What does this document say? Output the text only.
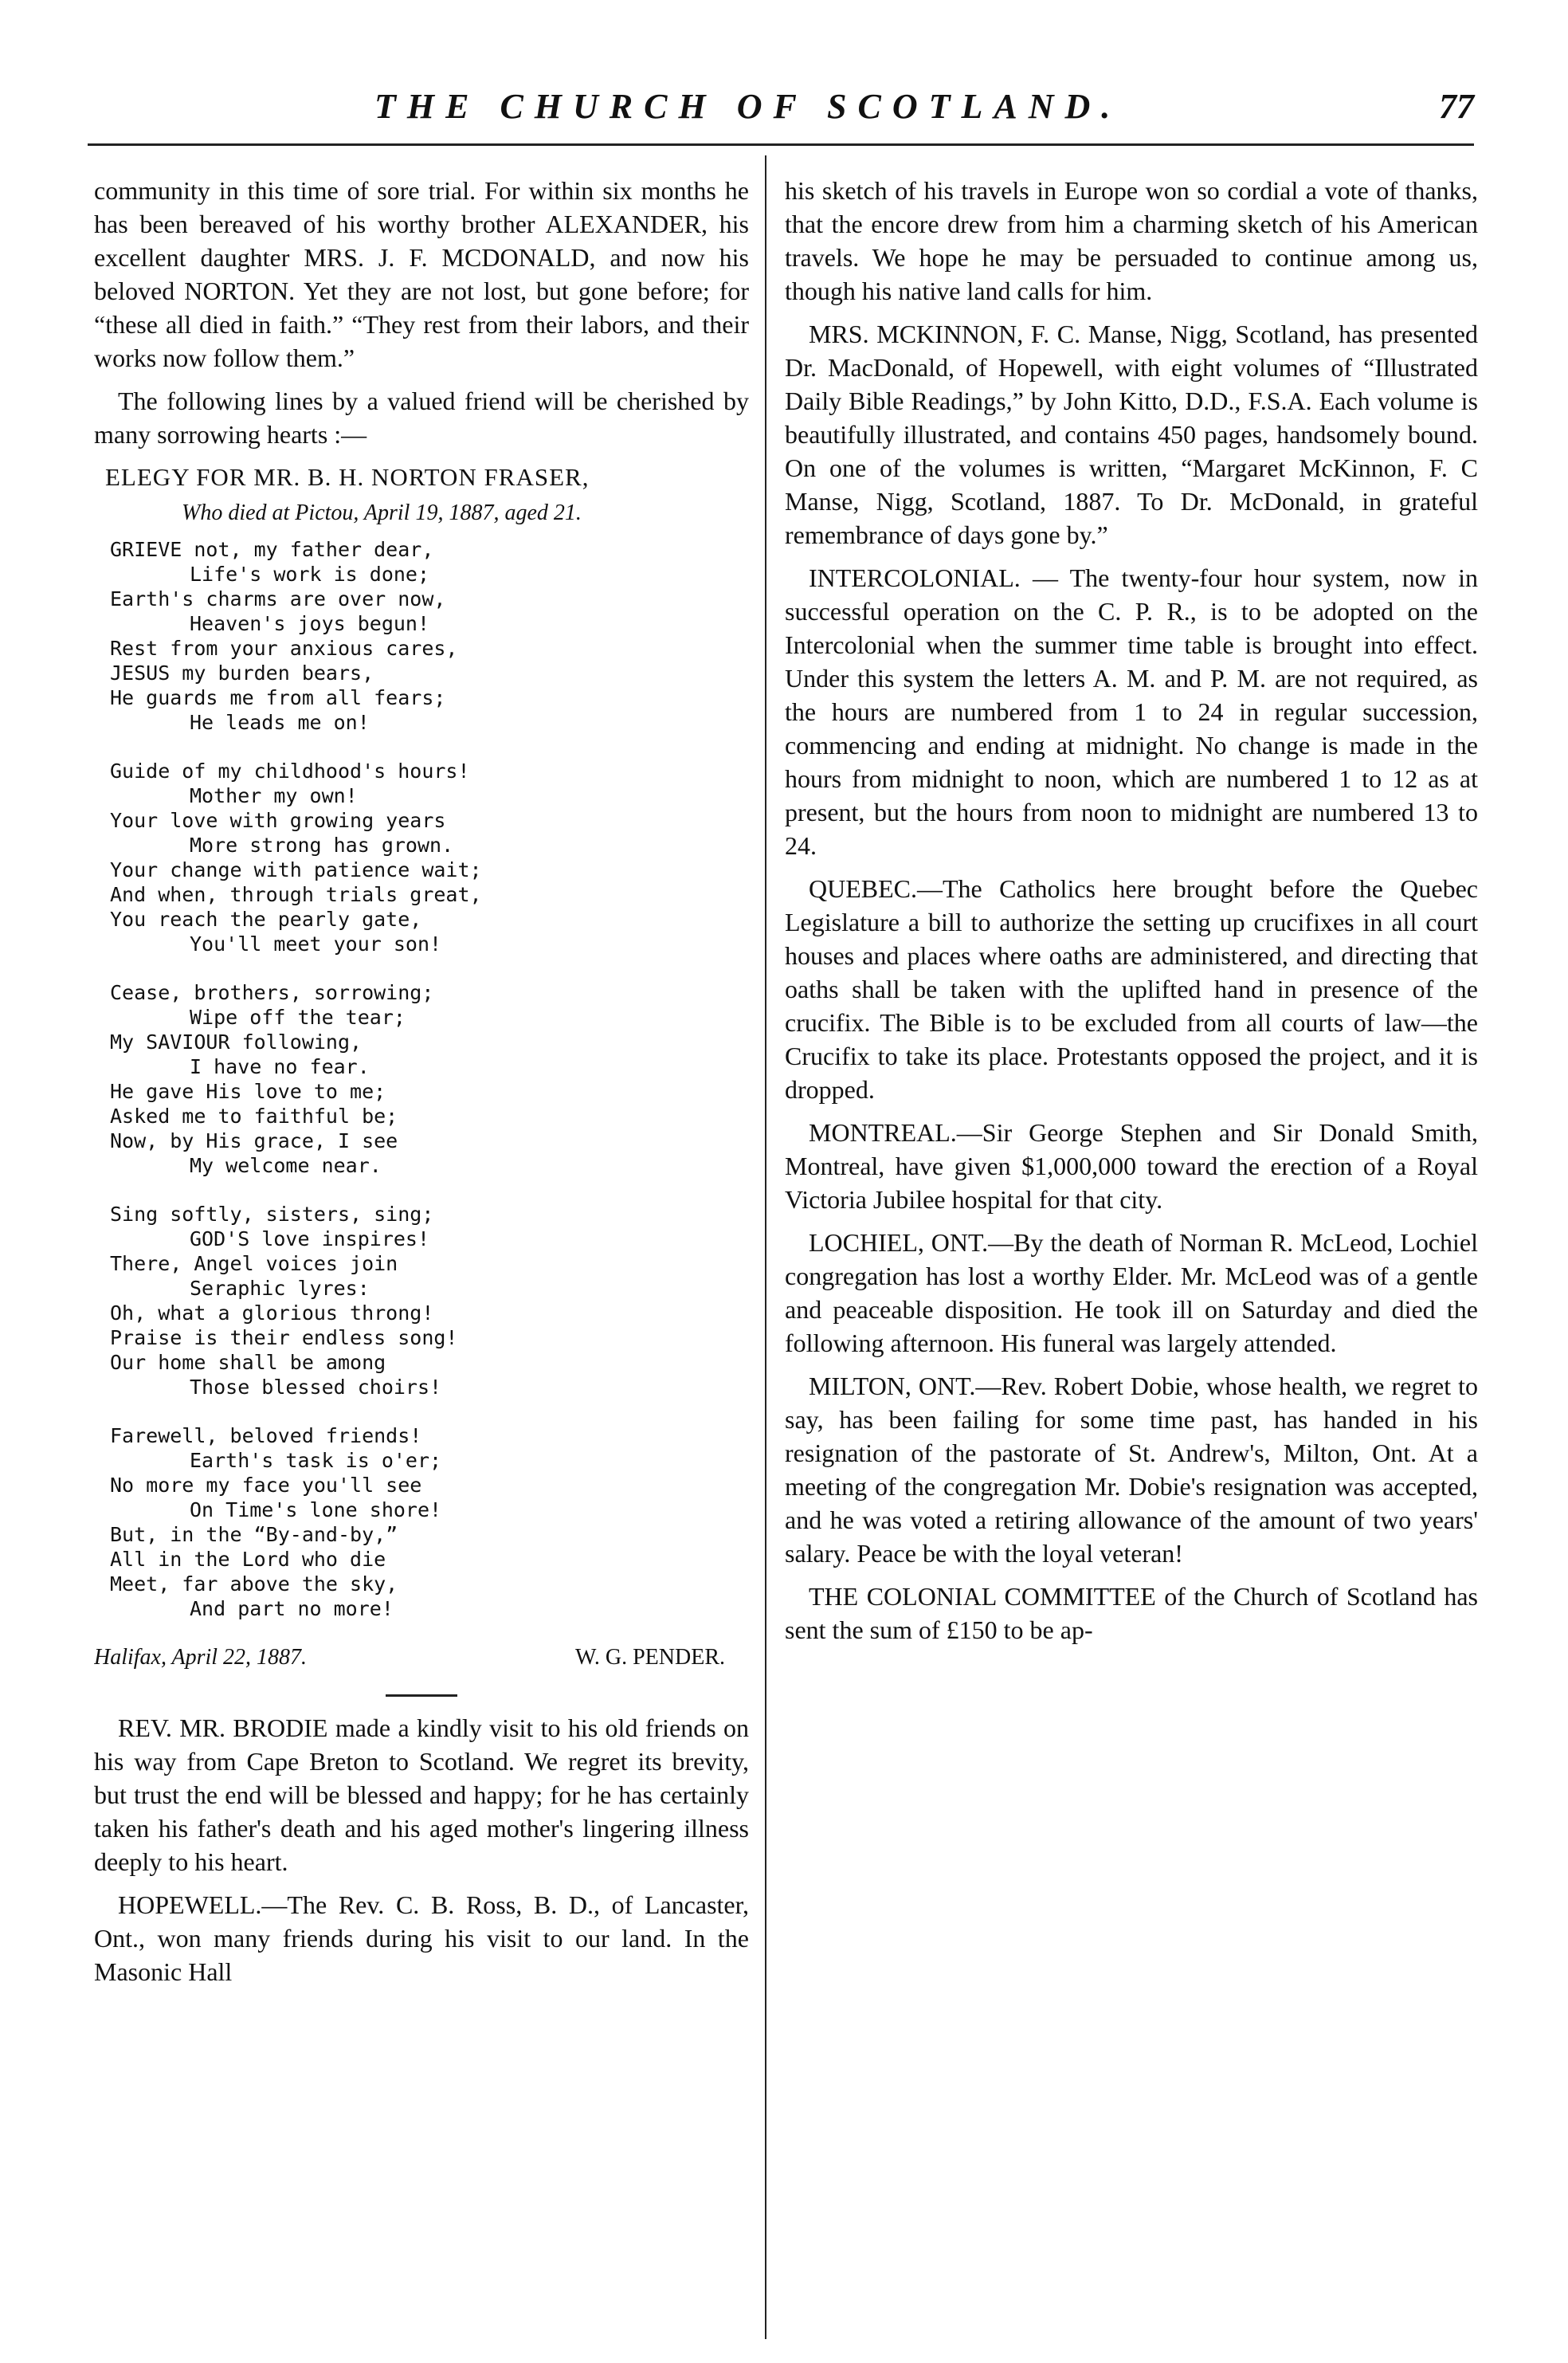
THE CHURCH OF SCOTLAND.	77

community in this time of sore trial. For within six months he has been bereaved of his worthy brother ALEXANDER, his excellent daughter MRS. J. F. MCDONALD, and now his beloved NORTON. Yet they are not lost, but gone before; for “these all died in faith.” “They rest from their labors, and their works now follow them.”

The following lines by a valued friend will be cherished by many sorrowing hearts :—

ELEGY FOR MR. B. H. NORTON FRASER,
Who died at Pictou, April 19, 1887, aged 21.
GRIEVE not, my father dear,
Life's work is done;
Earth's charms are over now,
Heaven's joys begun!
Rest from your anxious cares,
JESUS my burden bears,
He guards me from all fears;
He leads me on!
Guide of my childhood's hours!
Mother my own!
Your love with growing years
More strong has grown.
Your change with patience wait;
And when, through trials great,
You reach the pearly gate,
You'll meet your son!
Cease, brothers, sorrowing;
Wipe off the tear;
My SAVIOUR following,
I have no fear.
He gave His love to me;
Asked me to faithful be;
Now, by His grace, I see
My welcome near.
Sing softly, sisters, sing;
GOD'S love inspires!
There, Angel voices join
Seraphic lyres:
Oh, what a glorious throng!
Praise is their endless song!
Our home shall be among
Those blessed choirs!
Farewell, beloved friends!
Earth's task is o'er;
No more my face you'll see
On Time's lone shore!
But, in the “By-and-by,”
All in the Lord who die
Meet, far above the sky,
And part no more!
Halifax, April 22, 1887.	W. G. PENDER.

REV. MR. BRODIE made a kindly visit to his old friends on his way from Cape Breton to Scotland. We regret its brevity, but trust the end will be blessed and happy; for he has certainly taken his father's death and his aged mother's lingering illness deeply to his heart.

HOPEWELL.—The Rev. C. B. Ross, B. D., of Lancaster, Ont., won many friends during his visit to our land. In the Masonic Hall

his sketch of his travels in Europe won so cordial a vote of thanks, that the encore drew from him a charming sketch of his American travels. We hope he may be persuaded to continue among us, though his native land calls for him.

MRS. MCKINNON, F. C. Manse, Nigg, Scotland, has presented Dr. MacDonald, of Hopewell, with eight volumes of “Illustrated Daily Bible Readings,” by John Kitto, D.D., F.S.A. Each volume is beautifully illustrated, and contains 450 pages, handsomely bound. On one of the volumes is written, “Margaret McKinnon, F. C Manse, Nigg, Scotland, 1887. To Dr. McDonald, in grateful remembrance of days gone by.”

INTERCOLONIAL. — The twenty-four hour system, now in successful operation on the C. P. R., is to be adopted on the Intercolonial when the summer time table is brought into effect. Under this system the letters A. M. and P. M. are not required, as the hours are numbered from 1 to 24 in regular succession, commencing and ending at midnight. No change is made in the hours from midnight to noon, which are numbered 1 to 12 as at present, but the hours from noon to midnight are numbered 13 to 24.

QUEBEC.—The Catholics here brought before the Quebec Legislature a bill to authorize the setting up crucifixes in all court houses and places where oaths are administered, and directing that oaths shall be taken with the uplifted hand in presence of the crucifix. The Bible is to be excluded from all courts of law—the Crucifix to take its place. Protestants opposed the project, and it is dropped.

MONTREAL.—Sir George Stephen and Sir Donald Smith, Montreal, have given $1,000,000 toward the erection of a Royal Victoria Jubilee hospital for that city.

LOCHIEL, ONT.—By the death of Norman R. McLeod, Lochiel congregation has lost a worthy Elder. Mr. McLeod was of a gentle and peaceable disposition. He took ill on Saturday and died the following afternoon. His funeral was largely attended.

MILTON, ONT.—Rev. Robert Dobie, whose health, we regret to say, has been failing for some time past, has handed in his resignation of the pastorate of St. Andrew's, Milton, Ont. At a meeting of the congregation Mr. Dobie's resignation was accepted, and he was voted a retiring allowance of the amount of two years' salary. Peace be with the loyal veteran!

THE COLONIAL COMMITTEE of the Church of Scotland has sent the sum of £150 to be ap-
